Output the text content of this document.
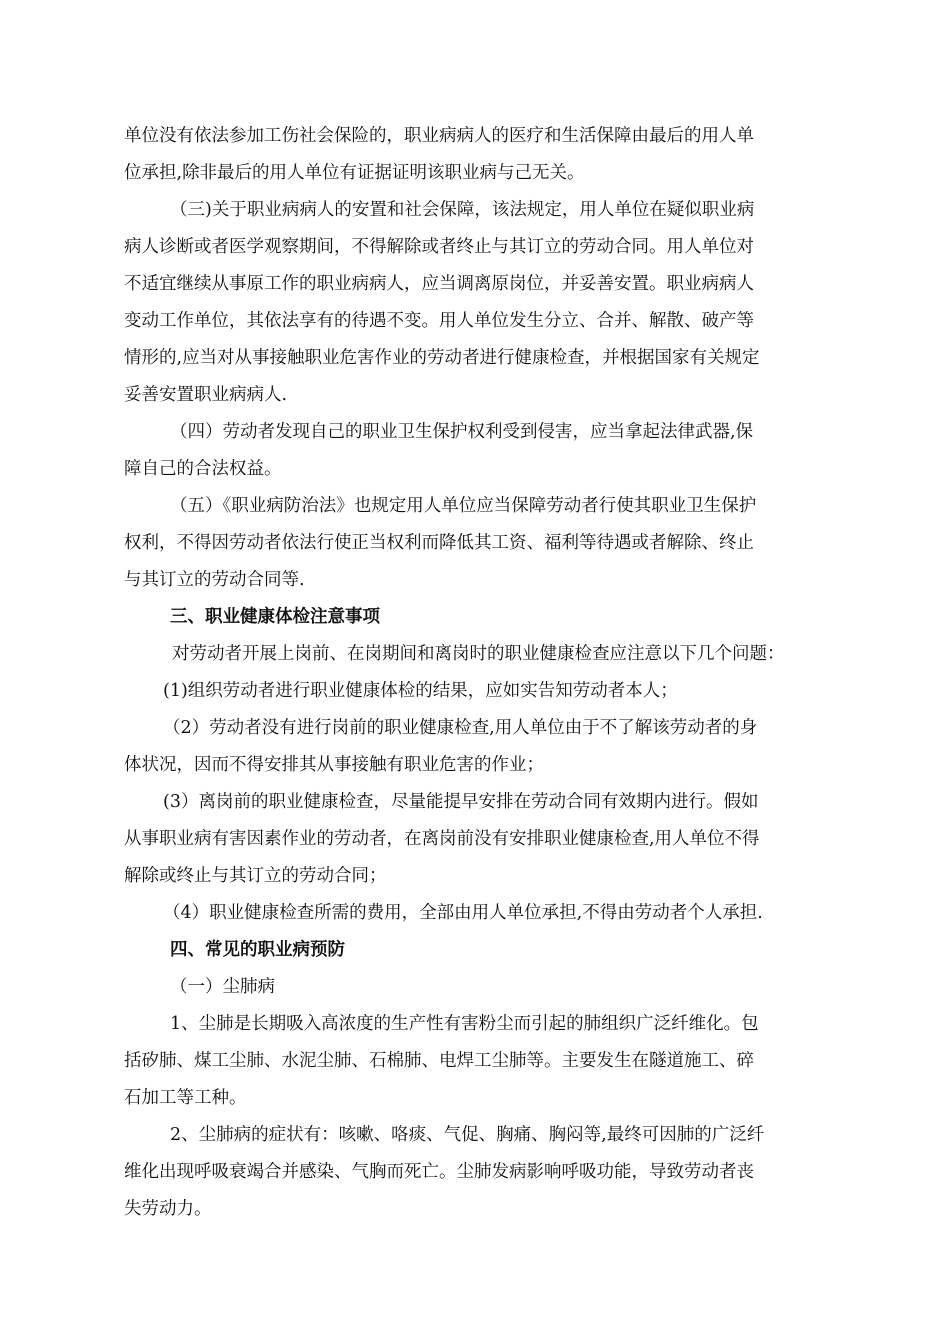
单位没有依法参加工伤社会保险的，职业病病人的医疗和生活保障由最后的用人单
位承担,除非最后的用人单位有证据证明该职业病与己无关。
（三)关于职业病病人的安置和社会保障，该法规定，用人单位在疑似职业病
病人诊断或者医学观察期间，不得解除或者终止与其订立的劳动合同。用人单位对
不适宜继续从事原工作的职业病病人，应当调离原岗位，并妥善安置。职业病病人
变动工作单位，其依法享有的待遇不变。用人单位发生分立、合并、解散、破产等
情形的,应当对从事接触职业危害作业的劳动者进行健康检查，并根据国家有关规定
妥善安置职业病病人.
（四）劳动者发现自己的职业卫生保护权利受到侵害，应当拿起法律武器,保
障自己的合法权益。
（五）《职业病防治法》也规定用人单位应当保障劳动者行使其职业卫生保护
权利，不得因劳动者依法行使正当权利而降低其工资、福利等待遇或者解除、终止
与其订立的劳动合同等.
三、职业健康体检注意事项
对劳动者开展上岗前、在岗期间和离岗时的职业健康检查应注意以下几个问题：
(1)组织劳动者进行职业健康体检的结果，应如实告知劳动者本人；
（2）劳动者没有进行岗前的职业健康检查,用人单位由于不了解该劳动者的身
体状况，因而不得安排其从事接触有职业危害的作业；
(3）离岗前的职业健康检查，尽量能提早安排在劳动合同有效期内进行。假如
从事职业病有害因素作业的劳动者，在离岗前没有安排职业健康检查,用人单位不得
解除或终止与其订立的劳动合同；
（4）职业健康检查所需的费用，全部由用人单位承担,不得由劳动者个人承担.
四、常见的职业病预防
（一）尘肺病
1、尘肺是长期吸入高浓度的生产性有害粉尘而引起的肺组织广泛纤维化。包
括矽肺、煤工尘肺、水泥尘肺、石棉肺、电焊工尘肺等。主要发生在隧道施工、碎
石加工等工种。
2、尘肺病的症状有：咳嗽、咯痰、气促、胸痛、胸闷等,最终可因肺的广泛纤
维化出现呼吸衰竭合并感染、气胸而死亡。尘肺发病影响呼吸功能，导致劳动者丧
失劳动力。
